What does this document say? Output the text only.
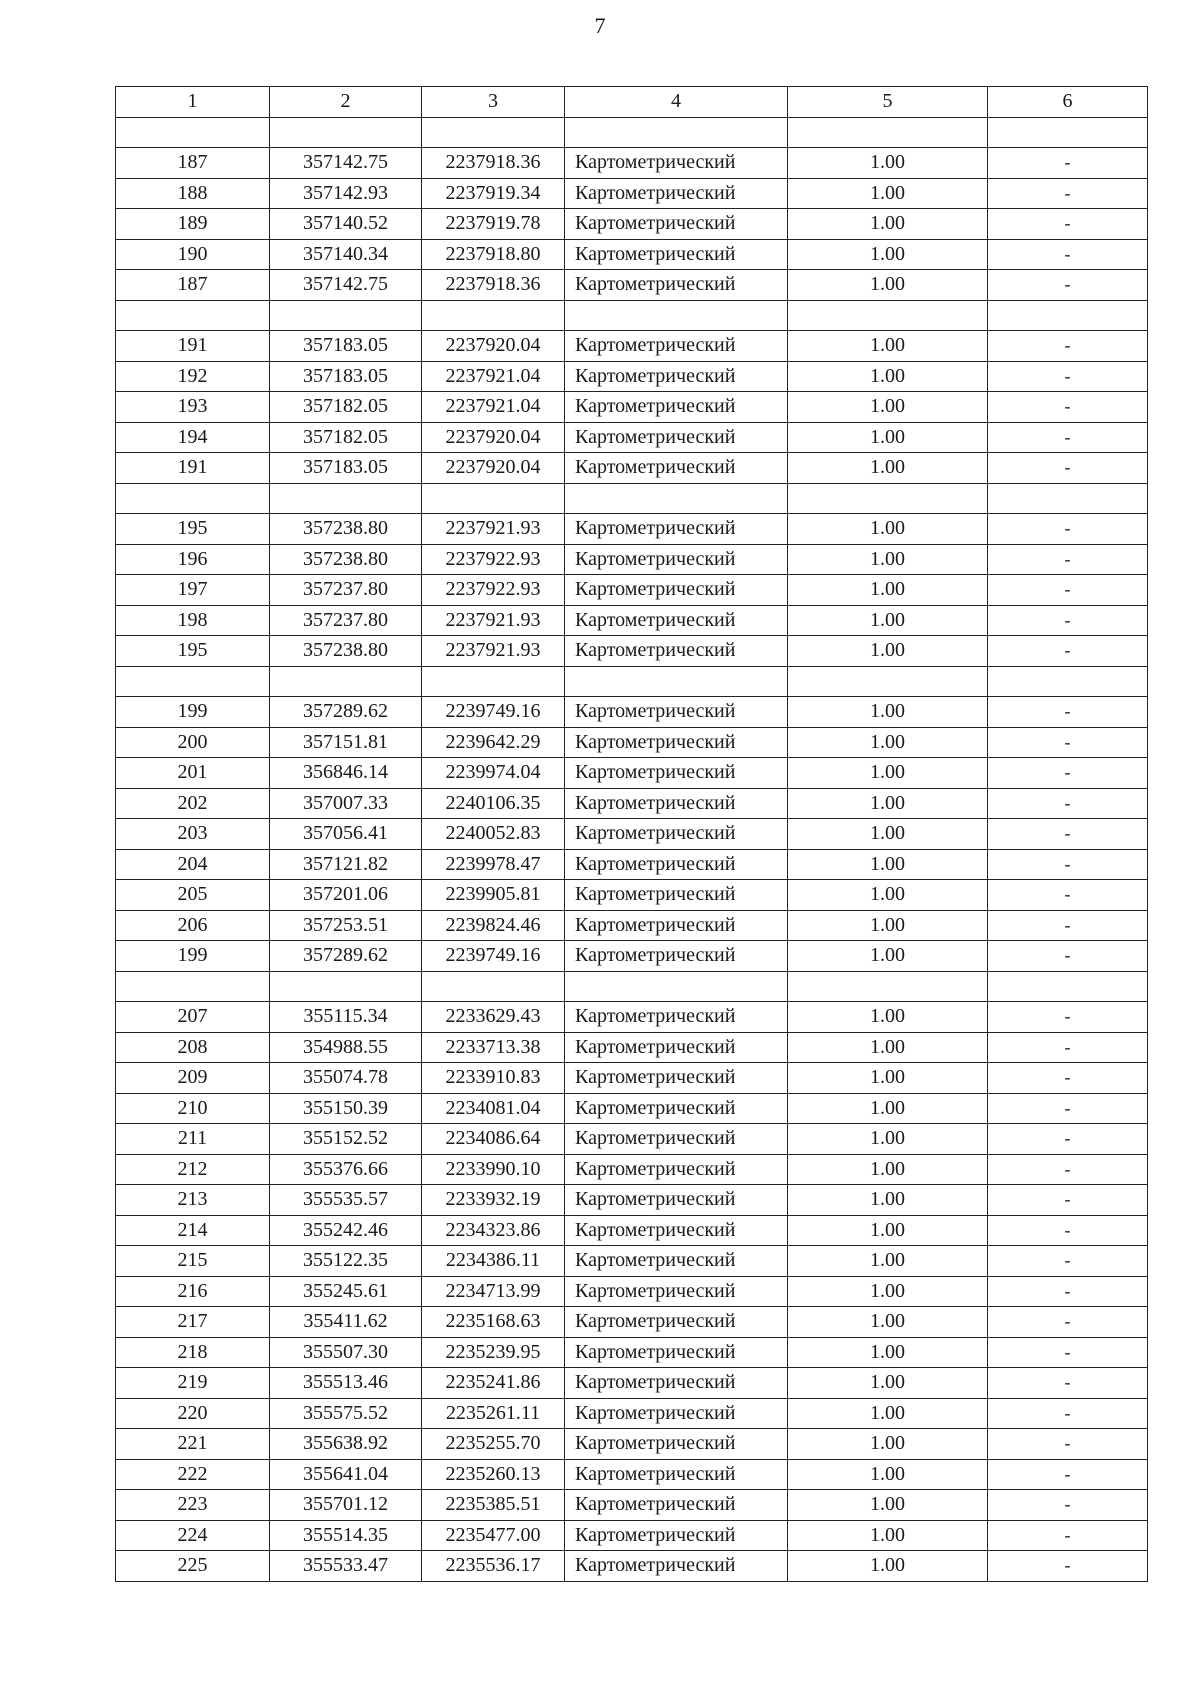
7
1	2	3	4	5	6

187	357142.75	2237918.36	Картометрический	1.00	-
188	357142.93	2237919.34	Картометрический	1.00	-
189	357140.52	2237919.78	Картометрический	1.00	-
190	357140.34	2237918.80	Картометрический	1.00	-
187	357142.75	2237918.36	Картометрический	1.00	-

191	357183.05	2237920.04	Картометрический	1.00	-
192	357183.05	2237921.04	Картометрический	1.00	-
193	357182.05	2237921.04	Картометрический	1.00	-
194	357182.05	2237920.04	Картометрический	1.00	-
191	357183.05	2237920.04	Картометрический	1.00	-

195	357238.80	2237921.93	Картометрический	1.00	-
196	357238.80	2237922.93	Картометрический	1.00	-
197	357237.80	2237922.93	Картометрический	1.00	-
198	357237.80	2237921.93	Картометрический	1.00	-
195	357238.80	2237921.93	Картометрический	1.00	-

199	357289.62	2239749.16	Картометрический	1.00	-
200	357151.81	2239642.29	Картометрический	1.00	-
201	356846.14	2239974.04	Картометрический	1.00	-
202	357007.33	2240106.35	Картометрический	1.00	-
203	357056.41	2240052.83	Картометрический	1.00	-
204	357121.82	2239978.47	Картометрический	1.00	-
205	357201.06	2239905.81	Картометрический	1.00	-
206	357253.51	2239824.46	Картометрический	1.00	-
199	357289.62	2239749.16	Картометрический	1.00	-

207	355115.34	2233629.43	Картометрический	1.00	-
208	354988.55	2233713.38	Картометрический	1.00	-
209	355074.78	2233910.83	Картометрический	1.00	-
210	355150.39	2234081.04	Картометрический	1.00	-
211	355152.52	2234086.64	Картометрический	1.00	-
212	355376.66	2233990.10	Картометрический	1.00	-
213	355535.57	2233932.19	Картометрический	1.00	-
214	355242.46	2234323.86	Картометрический	1.00	-
215	355122.35	2234386.11	Картометрический	1.00	-
216	355245.61	2234713.99	Картометрический	1.00	-
217	355411.62	2235168.63	Картометрический	1.00	-
218	355507.30	2235239.95	Картометрический	1.00	-
219	355513.46	2235241.86	Картометрический	1.00	-
220	355575.52	2235261.11	Картометрический	1.00	-
221	355638.92	2235255.70	Картометрический	1.00	-
222	355641.04	2235260.13	Картометрический	1.00	-
223	355701.12	2235385.51	Картометрический	1.00	-
224	355514.35	2235477.00	Картометрический	1.00	-
225	355533.47	2235536.17	Картометрический	1.00	-
